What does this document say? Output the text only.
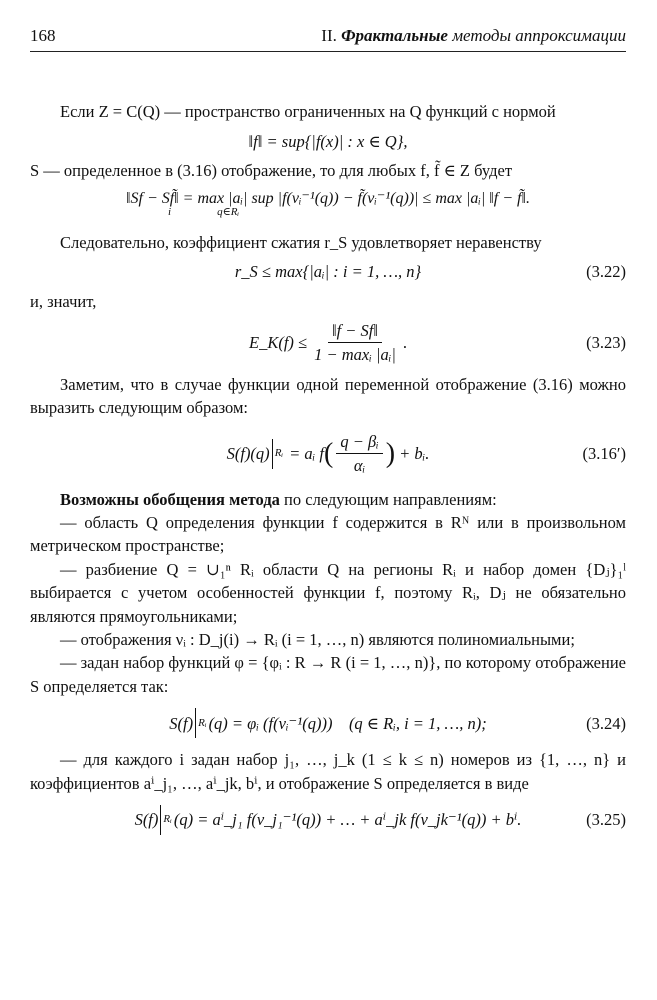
168	II. Фрактальные методы аппроксимации

Если Z = C(Q) — пространство ограниченных на Q функций с нормой

‖f‖ = sup{|f(x)| : x ∈ Q},

S — определенное в (3.16) отображение, то для любых f, f̃ ∈ Z будет

‖Sf − Sf̃‖ = max |aᵢ| sup |f(νᵢ⁻¹(q)) − f̃(νᵢ⁻¹(q))| ≤ max |aᵢ| ‖f − f̃‖.
i	q∈Rᵢ

Следовательно, коэффициент сжатия r_S удовлетворяет неравенству

r_S ≤ max{|aᵢ| : i = 1, …, n}	(3.22)

и, значит,

E_K(f) ≤ $\frac{‖f - Sf‖}{\text{1 − maxᵢ |aᵢ|}}$ .	(3.23)

Заметим, что в случае функции одной переменной отображение (3.16) можно выразить следующим образом:

S(f)(q) Rᵢ = aᵢ f ( $\frac{\text{q − βᵢ}}{\text{αᵢ}}$ ) + bᵢ.	(3.16′)

Возможны обобщения метода по следующим направлениям:

— область Q определения функции f содержится в Rᴺ или в произвольном метрическом пространстве;

— разбиение Q = ∪₁ⁿ Rᵢ области Q на регионы Rᵢ и набор домен {Dⱼ}₁ˡ выбирается с учетом особенностей функции f, поэтому Rᵢ, Dⱼ не обязательно являются прямоугольниками;

— отображения νᵢ : D_j(i) → Rᵢ (i = 1, …, n) являются полиномиальными;

— задан набор функций φ = {φᵢ : R → R (i = 1, …, n)}, по которому отображение S определяется так:

S(f) Rᵢ (q) = φᵢ (f(νᵢ⁻¹(q)))    (q ∈ Rᵢ, i = 1, …, n);	(3.24)

— для каждого i задан набор j₁, …, j_k (1 ≤ k ≤ n) номеров из {1, …, n} и коэффициентов aⁱ_j₁, …, aⁱ_jk, bⁱ, и отображение S определяется в виде

S(f) Rᵢ (q) = aⁱ_j₁ f(ν_j₁⁻¹(q)) + … + aⁱ_jk f(ν_jk⁻¹(q)) + bⁱ.	(3.25)
